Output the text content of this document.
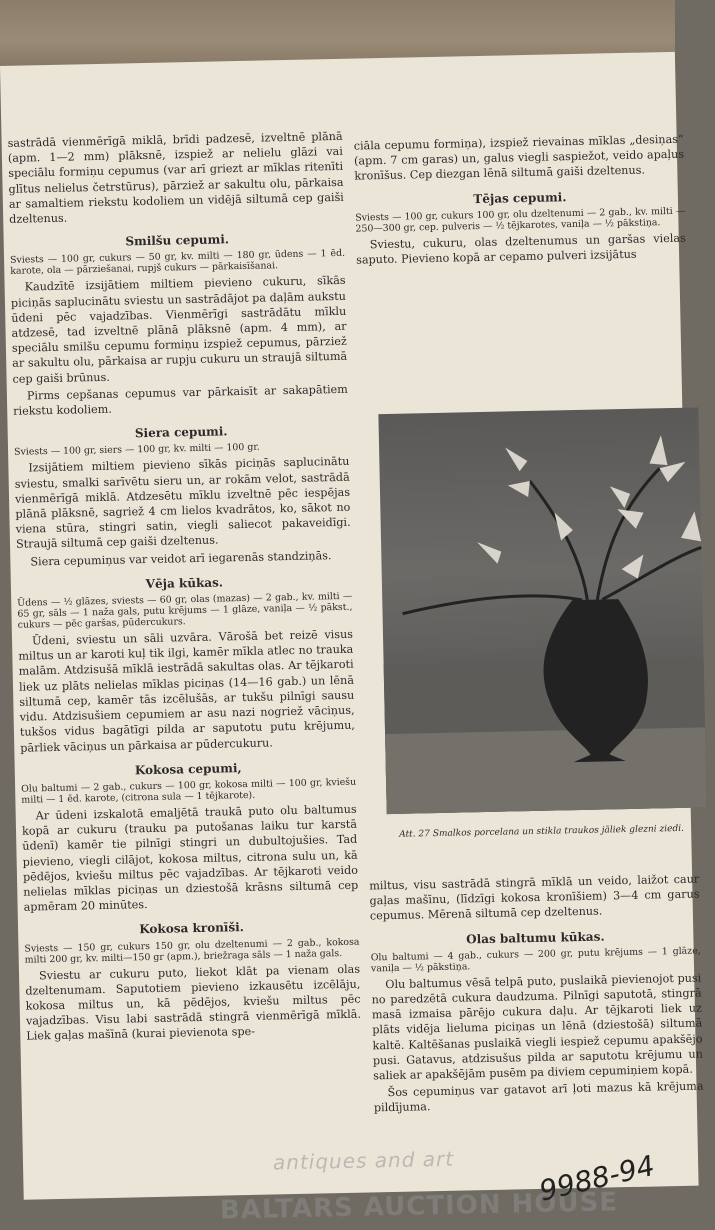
sastrādā vienmērīgā miklā, brīdi padzesē, izveltnē plānā (apm. 1—2 mm) plāksnē, izspiež ar nelielu glāzi vai speciālu formiņu cepumus (var arī griezt ar mīklas ritenīti glītus nelielus četrstūrus), pārziež ar sakultu olu, pārkaisa ar samaltiem riekstu kodoliem un vidējā siltumā cep gaiši dzeltenus.

Smilšu cepumi.

Sviests — 100 gr, cukurs — 50 gr, kv. milti — 180 gr, ūdens — 1 ēd. karote, ola — pārziešanai, rupjš cukurs — pārkaisīšanai.

Kaudzītē izsijātiem miltiem pievieno cukuru, sīkās piciņās saplucinātu sviestu un sastrādājot pa daļām aukstu ūdeni pēc vajadzības. Vienmērīgi sastrādātu mīklu atdzesē, tad izveltnē plānā plāksnē (apm. 4 mm), ar speciālu smilšu cepumu formiņu izspiež cepumus, pārziež ar sakultu olu, pārkaisa ar rupju cukuru un straujā siltumā cep gaiši brūnus.

Pirms cepšanas cepumus var pārkaisīt ar sakapātiem riekstu kodoliem.

Siera cepumi.

Sviests — 100 gr, siers — 100 gr, kv. milti — 100 gr.

Izsijātiem miltiem pievieno sīkās piciņās saplucinātu sviestu, smalki sarīvētu sieru un, ar rokām velot, sastrādā vienmērīgā miklā. Atdzesētu mīklu izveltnē pēc iespējas plānā plāksnē, sagriež 4 cm lielos kvadrātos, ko, sākot no viena stūra, stingri satin, viegli saliecot pakaveidīgi. Straujā siltumā cep gaiši dzeltenus.

Siera cepumiņus var veidot arī iegarenās standziņās.

Vēja kūkas.

Ūdens — ½ glāzes, sviests — 60 gr, olas (mazas) — 2 gab., kv. milti — 65 gr, sāls — 1 naža gals, putu krējums — 1 glāze, vaniļa — ½ pākst., cukurs — pēc garšas, pūdercukurs.

Ūdeni, sviestu un sāli uzvāra. Vārošā bet reizē visus miltus un ar karoti kuļ tik ilgi, kamēr mīkla atlec no trauka malām. Atdzisušā mīklā iestrādā sakultas olas. Ar tējkaroti liek uz plāts nelielas mīklas piciņas (14—16 gab.) un lēnā siltumā cep, kamēr tās izcēlušās, ar tukšu pilnīgi sausu vidu. Atdzisušiem cepumiem ar asu nazi nogriež vāciņus, tukšos vidus bagātīgi pilda ar saputotu putu krējumu, pārliek vāciņus un pārkaisa ar pūdercukuru.

Kokosa cepumi,

Olu baltumi — 2 gab., cukurs — 100 gr, kokosa milti — 100 gr, kviešu milti — 1 ēd. karote, (citrona sula — 1 tējkarote).

Ar ūdeni izskalotā emaljētā traukā puto olu baltumus kopā ar cukuru (trauku pa putošanas laiku tur karstā ūdenī) kamēr tie pilnīgi stingri un dubultojušies. Tad pievieno, viegli cilājot, kokosa miltus, citrona sulu un, kā pēdējos, kviešu miltus pēc vajadzības. Ar tējkaroti veido nelielas mīklas piciņas un dziestošā krāsns siltumā cep apmēram 20 minūtes.

Kokosa kronīši.

Sviests — 150 gr, cukurs 150 gr, olu dzeltenumi — 2 gab., kokosa milti 200 gr, kv. milti—150 gr (apm.), briežraga sāls — 1 naža gals.

Sviestu ar cukuru puto, liekot klāt pa vienam olas dzeltenumam. Saputotiem pievieno izkausētu izcēlāju, kokosa miltus un, kā pēdējos, kviešu miltus pēc vajadzības. Visu labi sastrādā stingrā vienmērīgā mīklā. Liek gaļas mašīnā (kurai pievienota spe-

ciāla cepumu formiņa), izspiež rievainas mīklas „desiņas“ (apm. 7 cm garas) un, galus viegli saspiežot, veido apaļus kronīšus. Cep diezgan lēnā siltumā gaiši dzeltenus.

Tējas cepumi.

Sviests — 100 gr, cukurs 100 gr, olu dzeltenumi — 2 gab., kv. milti — 250—300 gr, cep. pulveris — ½ tējkarotes, vaniļa — ½ pākstiņa.

Sviestu, cukuru, olas dzeltenumus un garšas vielas saputo. Pievieno kopā ar cepamo pulveri izsijātus

Att. 27 Smalkos porcelana un stikla traukos jāliek glezni ziedi.

miltus, visu sastrādā stingrā mīklā un veido, laižot caur gaļas mašīnu, (līdzīgi kokosa kronīšiem) 3—4 cm garus cepumus. Mērenā siltumā cep dzeltenus.

Olas baltumu kūkas.

Olu baltumi — 4 gab., cukurs — 200 gr, putu krējums — 1 glāze, vaniļa — ½ pākstiņa.

Olu baltumus vēsā telpā puto, puslaikā pievienojot pusi no paredzētā cukura daudzuma. Pilnīgi saputotā, stingrā masā izmaisa pārējo cukura daļu. Ar tējkaroti liek uz plāts vidēja lieluma piciņas un lēnā (dziestošā) siltumā kaltē. Kaltēšanas puslaikā viegli iespiež cepumu apakšējo pusi. Gatavus, atdzisušus pilda ar saputotu krējumu un saliek ar apakšējām pusēm pa diviem cepumiņiem kopā.

Šos cepumiņus var gatavot arī ļoti mazus kā krējuma pildījuma.

antiques and art
BALTARS AUCTION HOUSE
9988-94
